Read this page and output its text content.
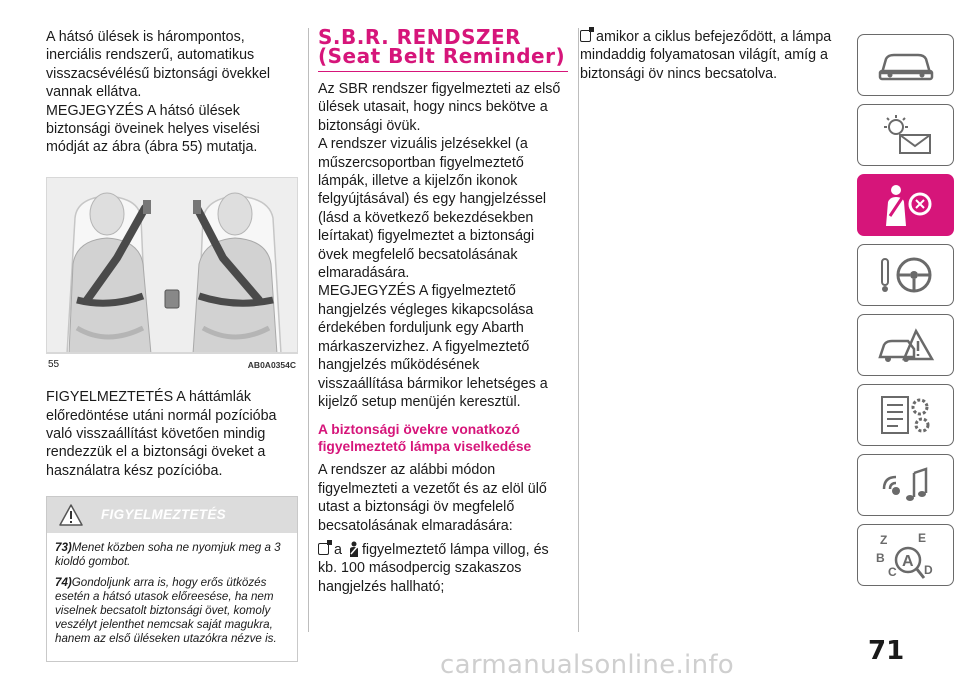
A hátsó ülések is hárompontos, inerciális rendszerű, automatikus visszacsévélésű biztonsági övekkel vannak ellátva.

MEGJEGYZÉS A hátsó ülések biztonsági öveinek helyes viselési módját az ábra (ábra 55) mutatja.

55	AB0A0354C

FIGYELMEZTETÉS A háttámlák előredöntése utáni normál pozícióba való visszaállítást követően mindig rendezzük el a biztonsági öveket a használatra kész pozícióba.

FIGYELMEZTETÉS

73)Menet közben soha ne nyomjuk meg a 3 kioldó gombot.

74)Gondoljunk arra is, hogy erős ütközés esetén a hátsó utasok előreesése, ha nem viselnek becsatolt biztonsági övet, komoly veszélyt jelenthet nemcsak saját magukra, hanem az első üléseken utazókra nézve is.

S.B.R. RENDSZER (Seat Belt Reminder)

Az SBR rendszer figyelmezteti az első ülések utasait, hogy nincs bekötve a biztonsági övük.

A rendszer vizuális jelzésekkel (a műszercsoportban figyelmeztető lámpák, illetve a kijelzőn ikonok felgyújtásával) és egy hangjelzéssel (lásd a következő bekezdésekben leírtakat) figyelmeztet a biztonsági övek megfelelő becsatolásának elmaradására.

MEGJEGYZÉS A figyelmeztető hangjelzés végleges kikapcsolása érdekében forduljunk egy Abarth márkaszervizhez. A figyelmeztető hangjelzés működésének visszaállítása bármikor lehetséges a kijelző setup menüjén keresztül.

A biztonsági övekre vonatkozó figyelmeztető lámpa viselkedése

A rendszer az alábbi módon figyelmezteti a vezetőt és az elöl ülő utast a biztonsági öv megfelelő becsatolásának elmaradására:

a figyelmeztető lámpa villog, és kb. 100 másodpercig szakaszos hangjelzés hallható;

amikor a ciklus befejeződött, a lámpa mindaddig folyamatosan világít, amíg a biztonsági öv nincs becsatolva.

Z	E
B
C
A D
71
carmanualsonline.info
